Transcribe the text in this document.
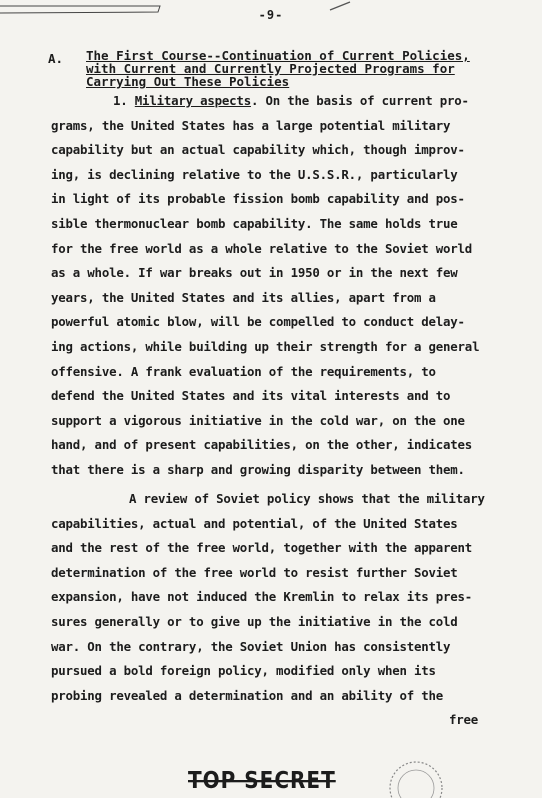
-9-
A. The First Course--Continuation of Current Policies,
with Current and Currently Projected Programs for
Carrying Out These Policies
1. Military aspects. On the basis of current pro-
grams, the United States has a large potential military
capability but an actual capability which, though improv-
ing, is declining relative to the U.S.S.R., particularly
in light of its probable fission bomb capability and pos-
sible thermonuclear bomb capability. The same holds true
for the free world as a whole relative to the Soviet world
as a whole. If war breaks out in 1950 or in the next few
years, the United States and its allies, apart from a
powerful atomic blow, will be compelled to conduct delay-
ing actions, while building up their strength for a general
offensive. A frank evaluation of the requirements, to
defend the United States and its vital interests and to
support a vigorous initiative in the cold war, on the one
hand, and of present capabilities, on the other, indicates
that there is a sharp and growing disparity between them.
A review of Soviet policy shows that the military
capabilities, actual and potential, of the United States
and the rest of the free world, together with the apparent
determination of the free world to resist further Soviet
expansion, have not induced the Kremlin to relax its pres-
sures generally or to give up the initiative in the cold
war. On the contrary, the Soviet Union has consistently
pursued a bold foreign policy, modified only when its
probing revealed a determination and an ability of the
free
TOP SECRET
